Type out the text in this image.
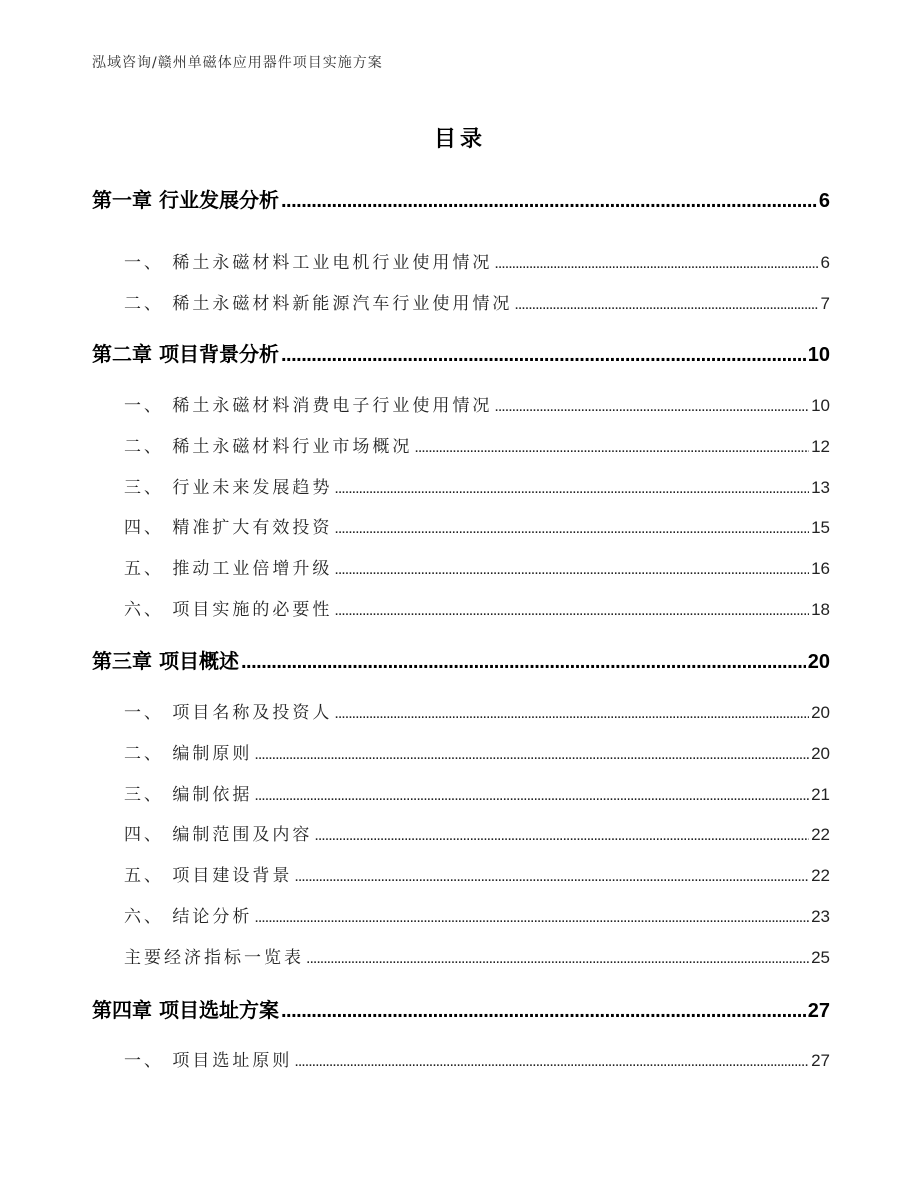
泓域咨询/赣州单磁体应用器件项目实施方案
目录
第一章 行业发展分析 .....	6
一、 稀土永磁材料工业电机行业使用情况 .....	6
二、 稀土永磁材料新能源汽车行业使用情况 .....	7
第二章 项目背景分析 .....	10
一、 稀土永磁材料消费电子行业使用情况 .....	10
二、 稀土永磁材料行业市场概况 .....	12
三、 行业未来发展趋势 .....	13
四、 精准扩大有效投资 .....	15
五、 推动工业倍增升级 .....	16
六、 项目实施的必要性 .....	18
第三章 项目概述 .....	20
一、 项目名称及投资人 .....	20
二、 编制原则 .....	20
三、 编制依据 .....	21
四、 编制范围及内容 .....	22
五、 项目建设背景 .....	22
六、 结论分析 .....	23
主要经济指标一览表 .....	25
第四章 项目选址方案 .....	27
一、 项目选址原则 .....	27
